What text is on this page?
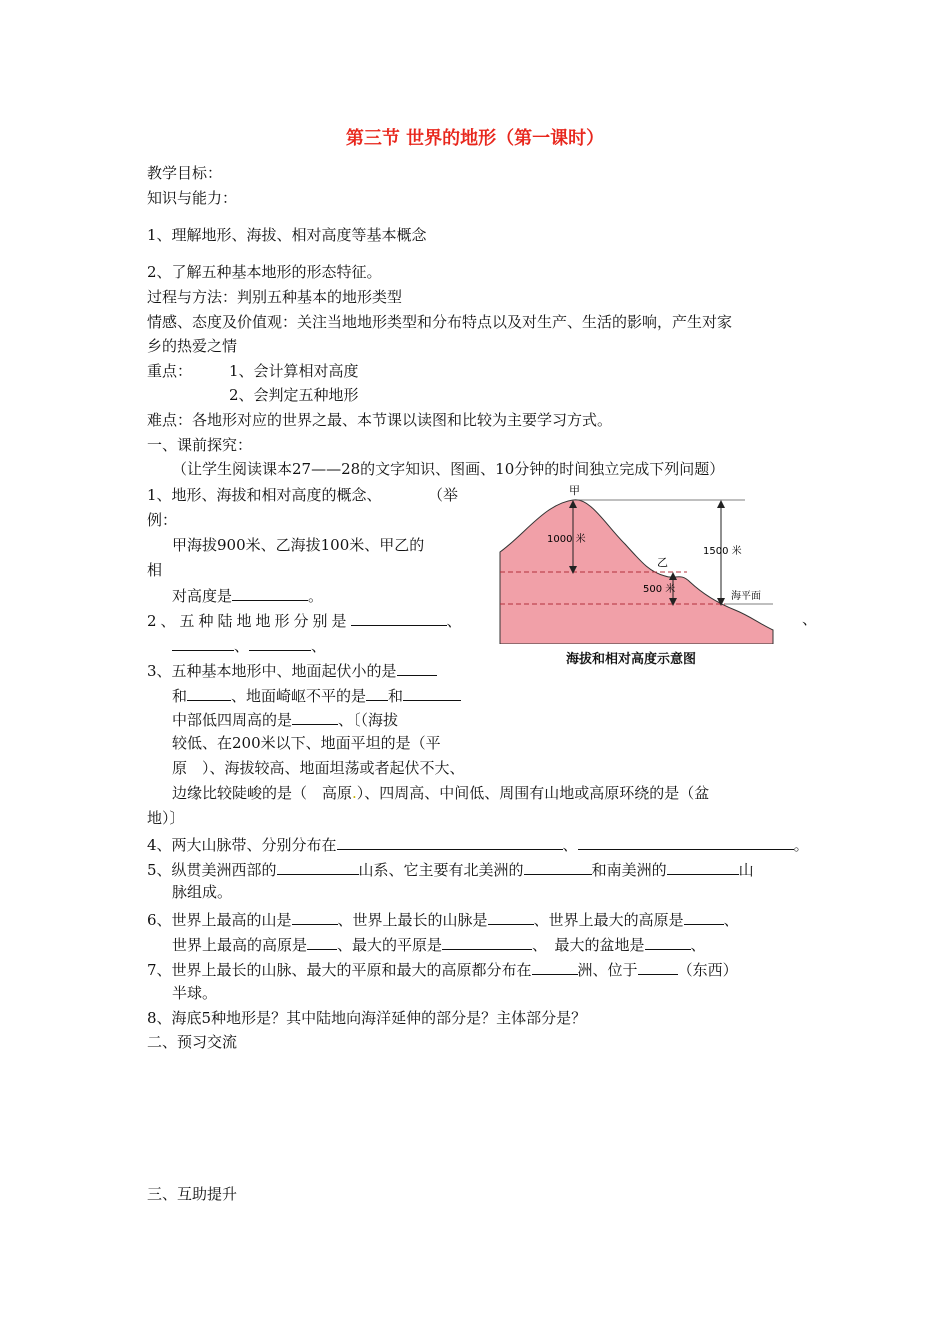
第三节 世界的地形（第一课时）
教学目标：
知识与能力：
1、理解地形、海拔、相对高度等基本概念
2、了解五种基本地形的形态特征。
过程与方法：判别五种基本的地形类型
情感、态度及价值观：关注当地地形类型和分布特点以及对生产、生活的影响，产生对家
乡的热爱之情
重点： 1、会计算相对高度
2、会判定五种地形
难点：各地形对应的世界之最、本节课以读图和比较为主要学习方式。
一、课前探究：
（让学生阅读课本27——28的文字知识、图画、10分钟的时间独立完成下列问题）
1、地形、海拔和相对高度的概念、	（举
例：
甲海拔900米、乙海拔100米、甲乙的
相
对高度是	。
2、五种陆地地形分别是	、	、
、	、
3、五种基本地形中、地面起伏小的是
和	、地面崎岖不平的是 和
中部低四周高的是	、〔（海拔
较低、在200米以下、地面平坦的是（平
原　）、海拔较高、地面坦荡或者起伏不大、
边缘比较陡峻的是（　高原.）、四周高、中间低、周围有山地或高原环绕的是（盆
地）〕
4、两大山脉带、分别分布在	、	。
5、纵贯美洲西部的	山系、它主要有北美洲的	和南美洲的	山
脉组成。
6、世界上最高的山是	、世界上最长的山脉是	、世界上最大的高原是	、
世界上最高的高原是 、最大的平原是	、　最大的盆地是	、
7、世界上最长的山脉、最大的平原和最大的高原都分布在	洲、位于	（东西）
半球。
8、海底5种地形是？其中陆地向海洋延伸的部分是？主体部分是？
二、预习交流
三、互助提升
甲
乙
1000 米
1500 米
500 米
海平面
海拔和相对高度示意图
